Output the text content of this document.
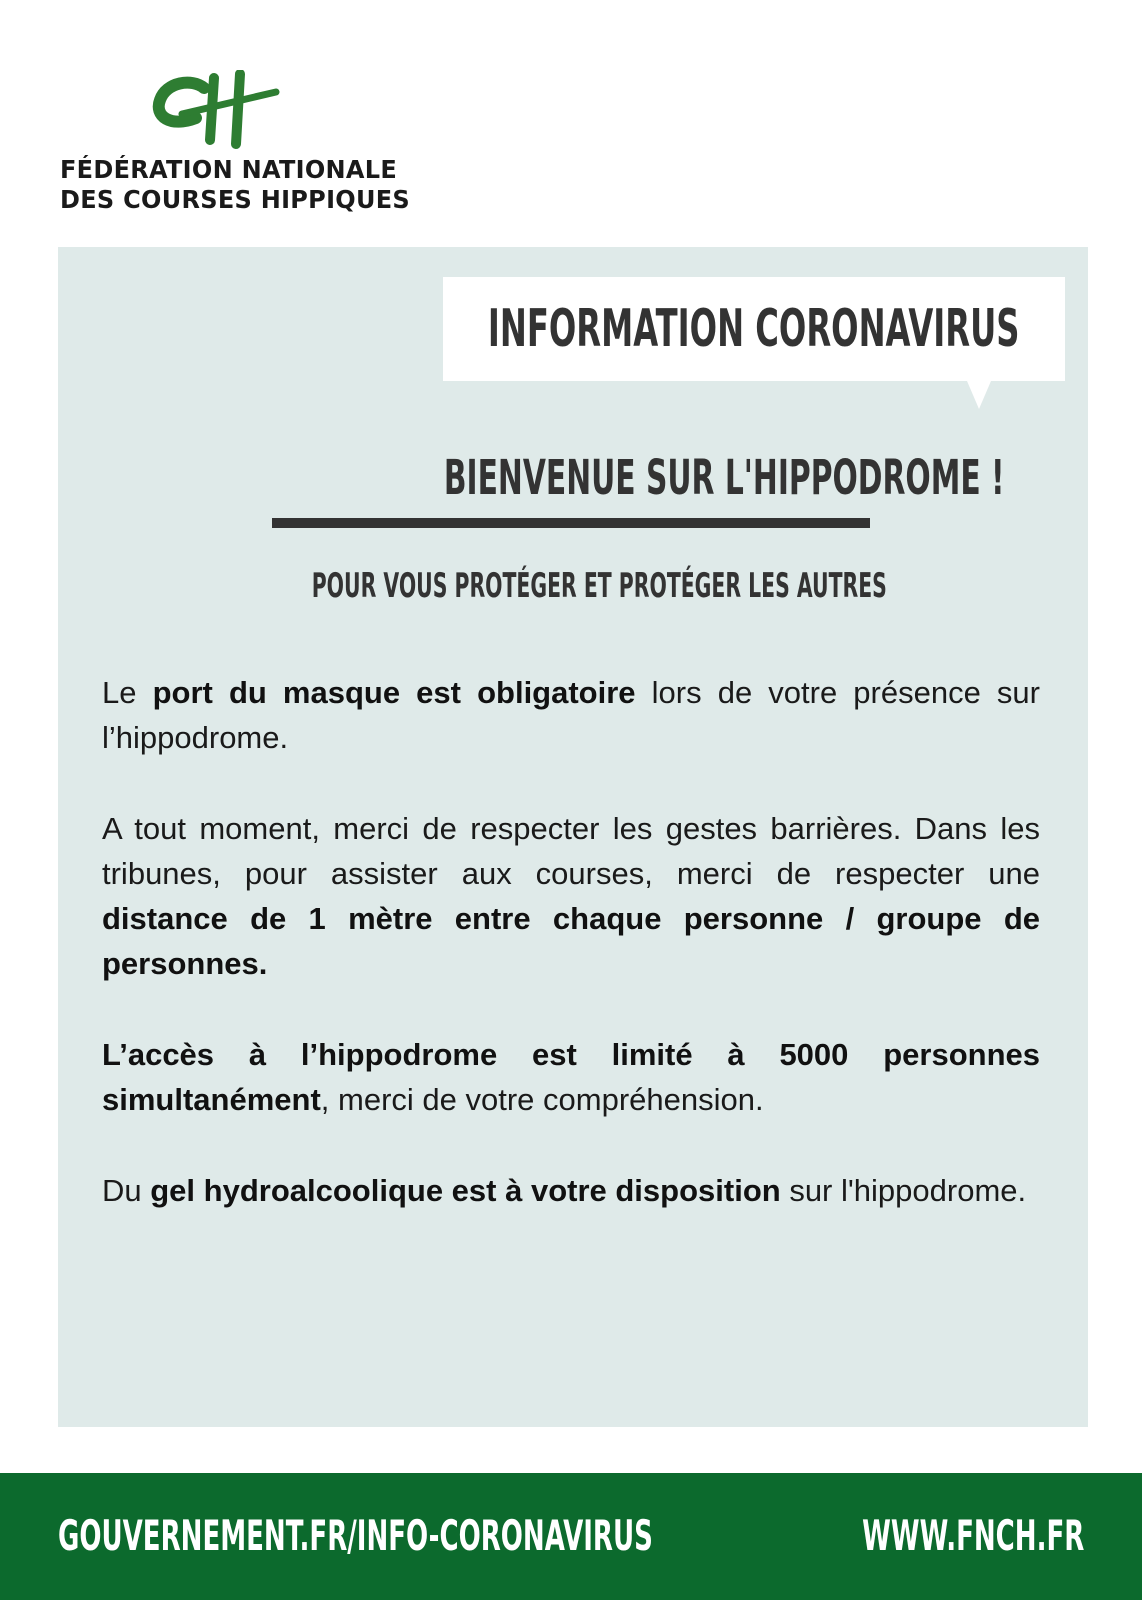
FÉDÉRATION NATIONALE
DES COURSES HIPPIQUES
INFORMATION CORONAVIRUS
BIENVENUE SUR L'HIPPODROME !
POUR VOUS PROTÉGER ET PROTÉGER LES AUTRES
Le port du masque est obligatoire lors de votre présence sur l’hippodrome.
A tout moment, merci de respecter les gestes barrières. Dans les tribunes, pour assister aux courses, merci de respecter une distance de 1 mètre entre chaque personne / groupe de personnes.
L’accès à l’hippodrome est limité à 5000 personnes simultanément, merci de votre compréhension.
Du gel hydroalcoolique est à votre disposition sur l'hippodrome.
GOUVERNEMENT.FR/INFO-CORONAVIRUS	WWW.FNCH.FR
